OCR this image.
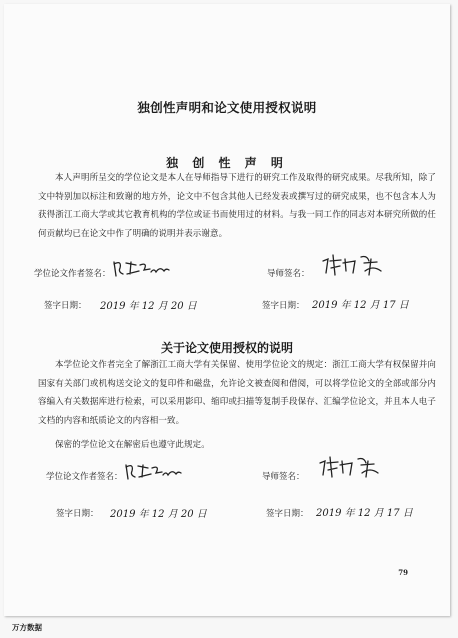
独创性声明和论文使用授权说明
独 创 性 声 明
本人声明所呈交的学位论文是本人在导师指导下进行的研究工作及取得的研究成果。尽我所知，除了文中特别加以标注和致谢的地方外，论文中不包含其他人已经发表或撰写过的研究成果，也不包含本人为获得浙江工商大学或其它教育机构的学位或证书而使用过的材料。与我一同工作的同志对本研究所做的任何贡献均已在论文中作了明确的说明并表示谢意。
学位论文作者签名：	导师签名：
签字日期： 2019 年 12 月 20 日	签字日期： 2019 年 12 月 17 日
关于论文使用授权的说明
本学位论文作者完全了解浙江工商大学有关保留、使用学位论文的规定：浙江工商大学有权保留并向国家有关部门或机构送交论文的复印件和磁盘，允许论文被查阅和借阅，可以将学位论文的全部或部分内容编入有关数据库进行检索，可以采用影印、缩印或扫描等复制手段保存、汇编学位论文，并且本人电子文档的内容和纸质论文的内容相一致。
保密的学位论文在解密后也遵守此规定。
学位论文作者签名：	导师签名：
签字日期： 2019 年 12 月 20 日	签字日期： 2019 年 12 月 17 日
79
万方数据
